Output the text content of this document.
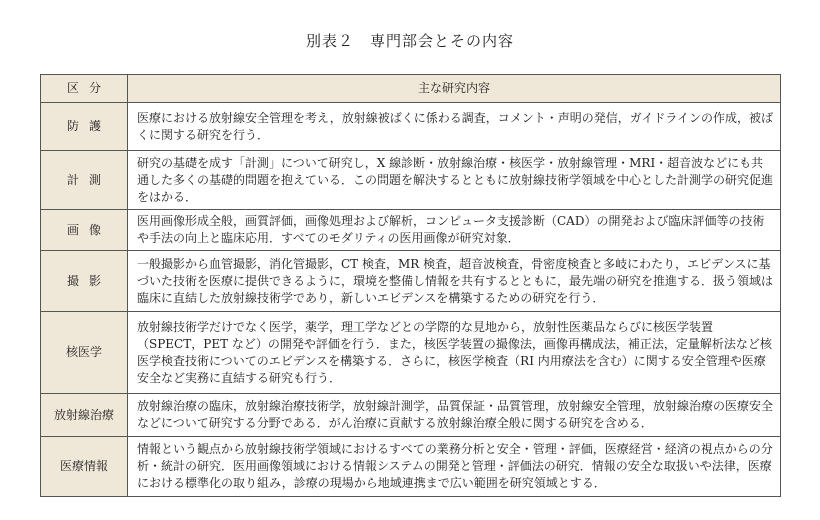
別表２　専門部会とその内容
区分	主な研究内容
防護	医療における放射線安全管理を考え，放射線被ばくに係わる調査，コメント・声明の発信，ガイドラインの作成，被ばくに関する研究を行う．
計測	研究の基礎を成す「計測」について研究し，X 線診断・放射線治療・核医学・放射線管理・MRI・超音波などにも共通した多くの基礎的問題を抱えている．この問題を解決するとともに放射線技術学領域を中心とした計測学の研究促進をはかる．
画像	医用画像形成全般，画質評価，画像処理および解析，コンピュータ支援診断（CAD）の開発および臨床評価等の技術や手法の向上と臨床応用．すべてのモダリティの医用画像が研究対象．
撮影	一般撮影から血管撮影，消化管撮影，CT 検査，MR 検査，超音波検査，骨密度検査と多岐にわたり，エビデンスに基づいた技術を医療に提供できるように，環境を整備し情報を共有するとともに，最先端の研究を推進する．扱う領域は臨床に直結した放射線技術学であり，新しいエビデンスを構築するための研究を行う．
核医学	放射線技術学だけでなく医学，薬学，理工学などとの学際的な見地から，放射性医薬品ならびに核医学装置（SPECT，PET など）の開発や評価を行う．また，核医学装置の撮像法，画像再構成法，補正法，定量解析法など核医学検査技術についてのエビデンスを構築する．さらに，核医学検査（RI 内用療法を含む）に関する安全管理や医療安全など実務に直結する研究も行う．
放射線治療	放射線治療の臨床，放射線治療技術学，放射線計測学，品質保証・品質管理，放射線安全管理，放射線治療の医療安全などについて研究する分野である．がん治療に貢献する放射線治療全般に関する研究を含める．
医療情報	情報という観点から放射線技術学領域におけるすべての業務分析と安全・管理・評価，医療経営・経済の視点からの分析・統計の研究．医用画像領域における情報システムの開発と管理・評価法の研究．情報の安全な取扱いや法律，医療における標準化の取り組み，診療の現場から地域連携まで広い範囲を研究領域とする．
